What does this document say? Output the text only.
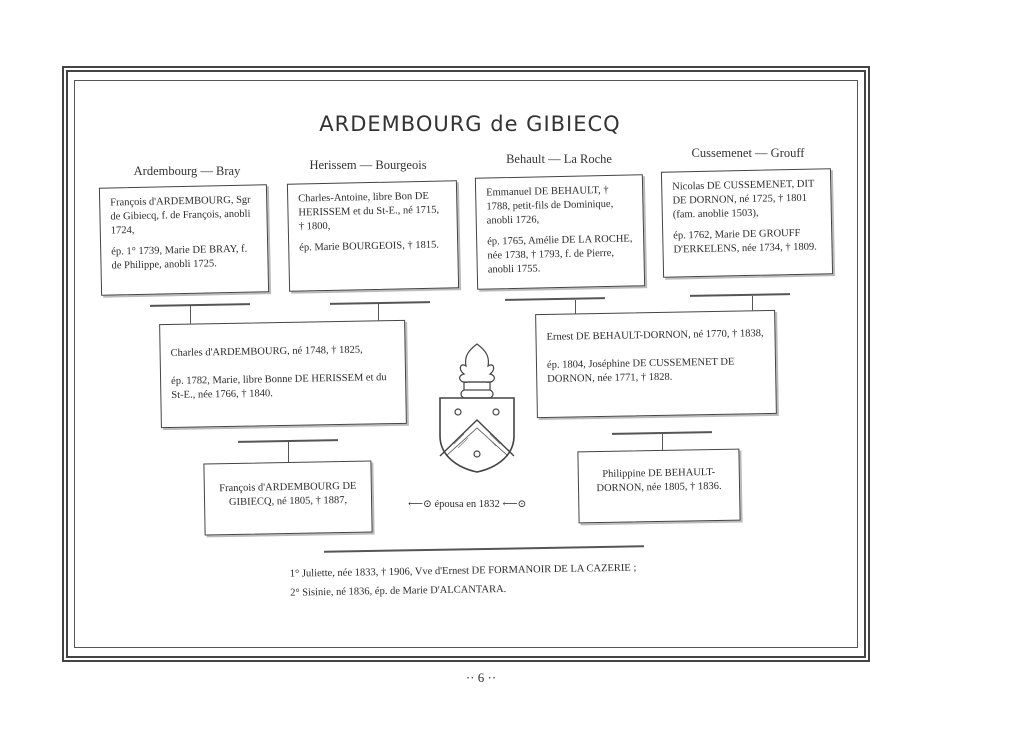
ARDEMBOURG de GIBIECQ
Ardembourg — Bray	Herissem — Bourgeois	Behault — La Roche	Cussemenet — Grouff
François d'ARDEMBOURG, Sgr de Gibiecq, f. de François, anobli 1724,
ép. 1° 1739, Marie DE BRAY, f. de Philippe, anobli 1725.
Charles-Antoine, libre Bon DE HERISSEM et du St-E., né 1715, † 1800,
ép. Marie BOURGEOIS, † 1815.
Emmanuel DE BEHAULT, † 1788, petit-fils de Dominique, anobli 1726,
ép. 1765, Amélie DE LA ROCHE, née 1738, † 1793, f. de Pierre, anobli 1755.
Nicolas DE CUSSEMENET, DIT DE DORNON, né 1725, † 1801 (fam. anoblie 1503),
ép. 1762, Marie DE GROUFF D'ERKELENS, née 1734, † 1809.
Charles d'ARDEMBOURG, né 1748, † 1825,
ép. 1782, Marie, libre Bonne DE HERISSEM et du St-E., née 1766, † 1840.
Ernest DE BEHAULT-DORNON, né 1770, † 1838,
ép. 1804, Joséphine DE CUSSEMENET DE DORNON, née 1771, † 1828.
François d'ARDEMBOURG DE GIBIECQ, né 1805, † 1887,
Philippine DE BEHAULT-DORNON, née 1805, † 1836.
⟵⊙ épousa en 1832 ⟵⊙
1° Juliette, née 1833, † 1906, Vve d'Ernest DE FORMANOIR DE LA CAZERIE ;
2° Sisinie, né 1836, ép. de Marie D'ALCANTARA.
·· 6 ··
